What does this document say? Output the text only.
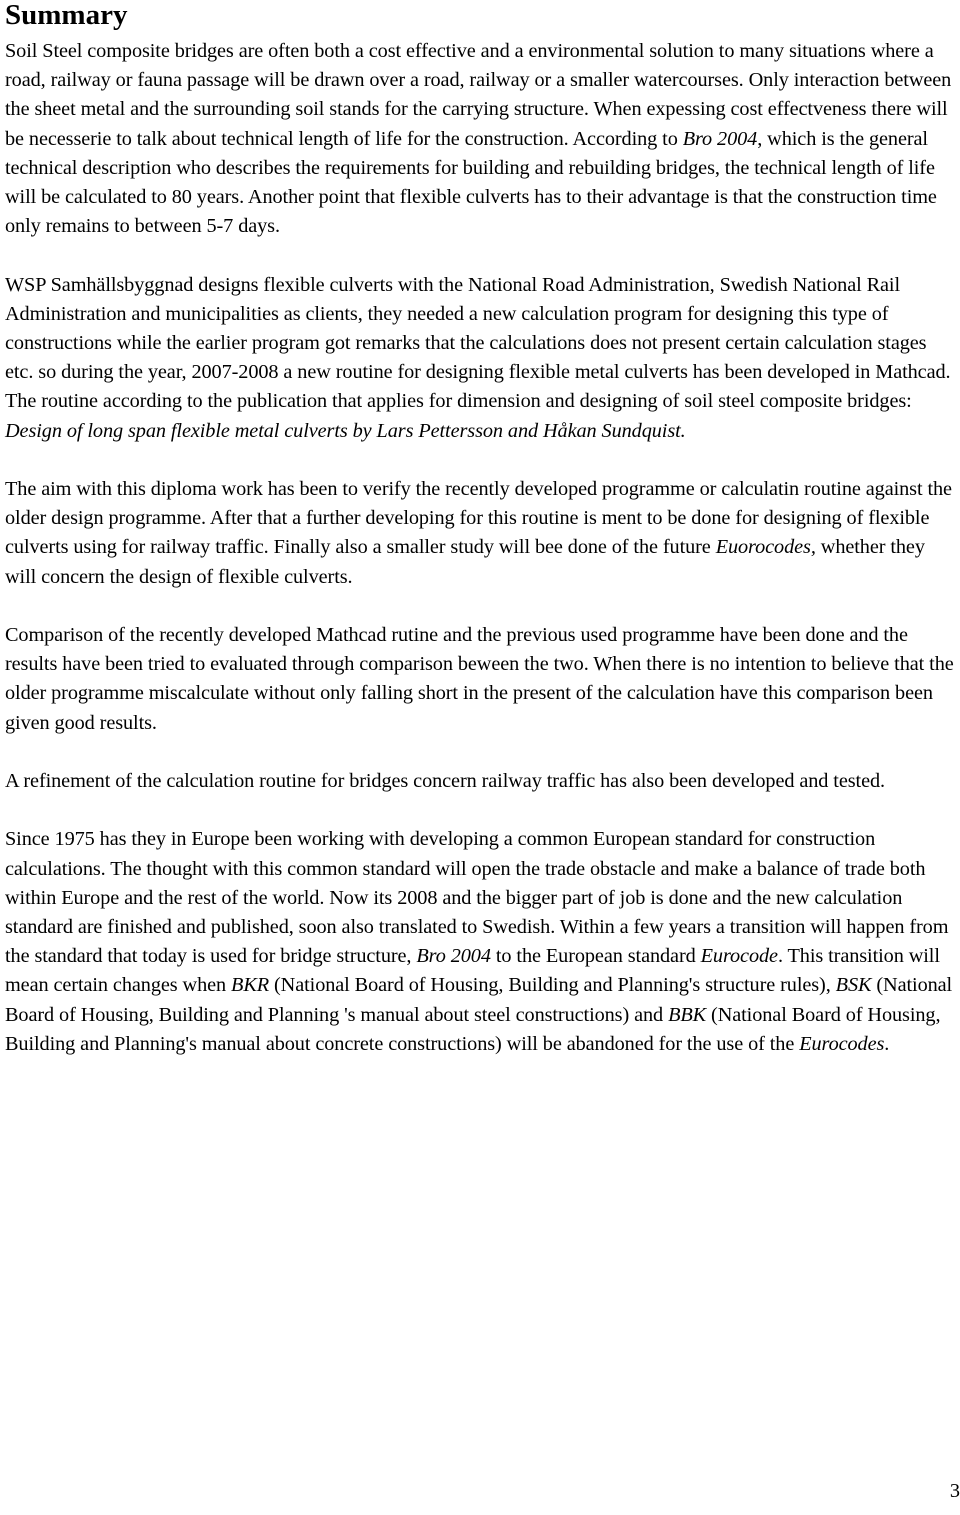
Summary

Soil Steel composite bridges are often both a cost effective and a environmental solution to many situations where a road, railway or fauna passage will be drawn over a road, railway or a smaller watercourses. Only interaction between the sheet metal and the surrounding soil stands for the carrying structure. When expessing cost effectveness there will be necesserie to talk about technical length of life for the construction. According to Bro 2004, which is the general technical description who describes the requirements for building and rebuilding bridges, the technical length of life will be calculated to 80 years. Another point that flexible culverts has to their advantage is that the construction time only remains to between 5-7 days.

WSP Samhällsbyggnad designs flexible culverts with the National Road Administration, Swedish National Rail Administration and municipalities as clients, they needed a new calculation program for designing this type of constructions while the earlier program got remarks that the calculations does not present certain calculation stages etc. so during the year, 2007-2008 a new routine for designing flexible metal culverts has been developed in Mathcad. The routine according to the publication that applies for dimension and designing of soil steel composite bridges: Design of long span flexible metal culverts by Lars Pettersson and Håkan Sundquist.

The aim with this diploma work has been to verify the recently developed programme or calculatin routine against the older design programme. After that a further developing for this routine is ment to be done for designing of flexible culverts using for railway traffic. Finally also a smaller study will bee done of the future Euorocodes, whether they will concern the design of flexible culverts.

Comparison of the recently developed Mathcad rutine and the previous used programme have been done and the results have been tried to evaluated through comparison beween the two. When there is no intention to believe that the older programme miscalculate without only falling short in the present of the calculation have this comparison been given good results.

A refinement of the calculation routine for bridges concern railway traffic has also been developed and tested.

Since 1975 has they in Europe been working with developing a common European standard for construction calculations. The thought with this common standard will open the trade obstacle and make a balance of trade both within Europe and the rest of the world. Now its 2008 and the bigger part of job is done and the new calculation standard are finished and published, soon also translated to Swedish. Within a few years a transition will happen from the standard that today is used for bridge structure, Bro 2004 to the European standard Eurocode. This transition will mean certain changes when BKR (National Board of Housing, Building and Planning's structure rules), BSK (National Board of Housing, Building and Planning 's manual about steel constructions) and BBK (National Board of Housing, Building and Planning's manual about concrete constructions) will be abandoned for the use of the Eurocodes.

3
